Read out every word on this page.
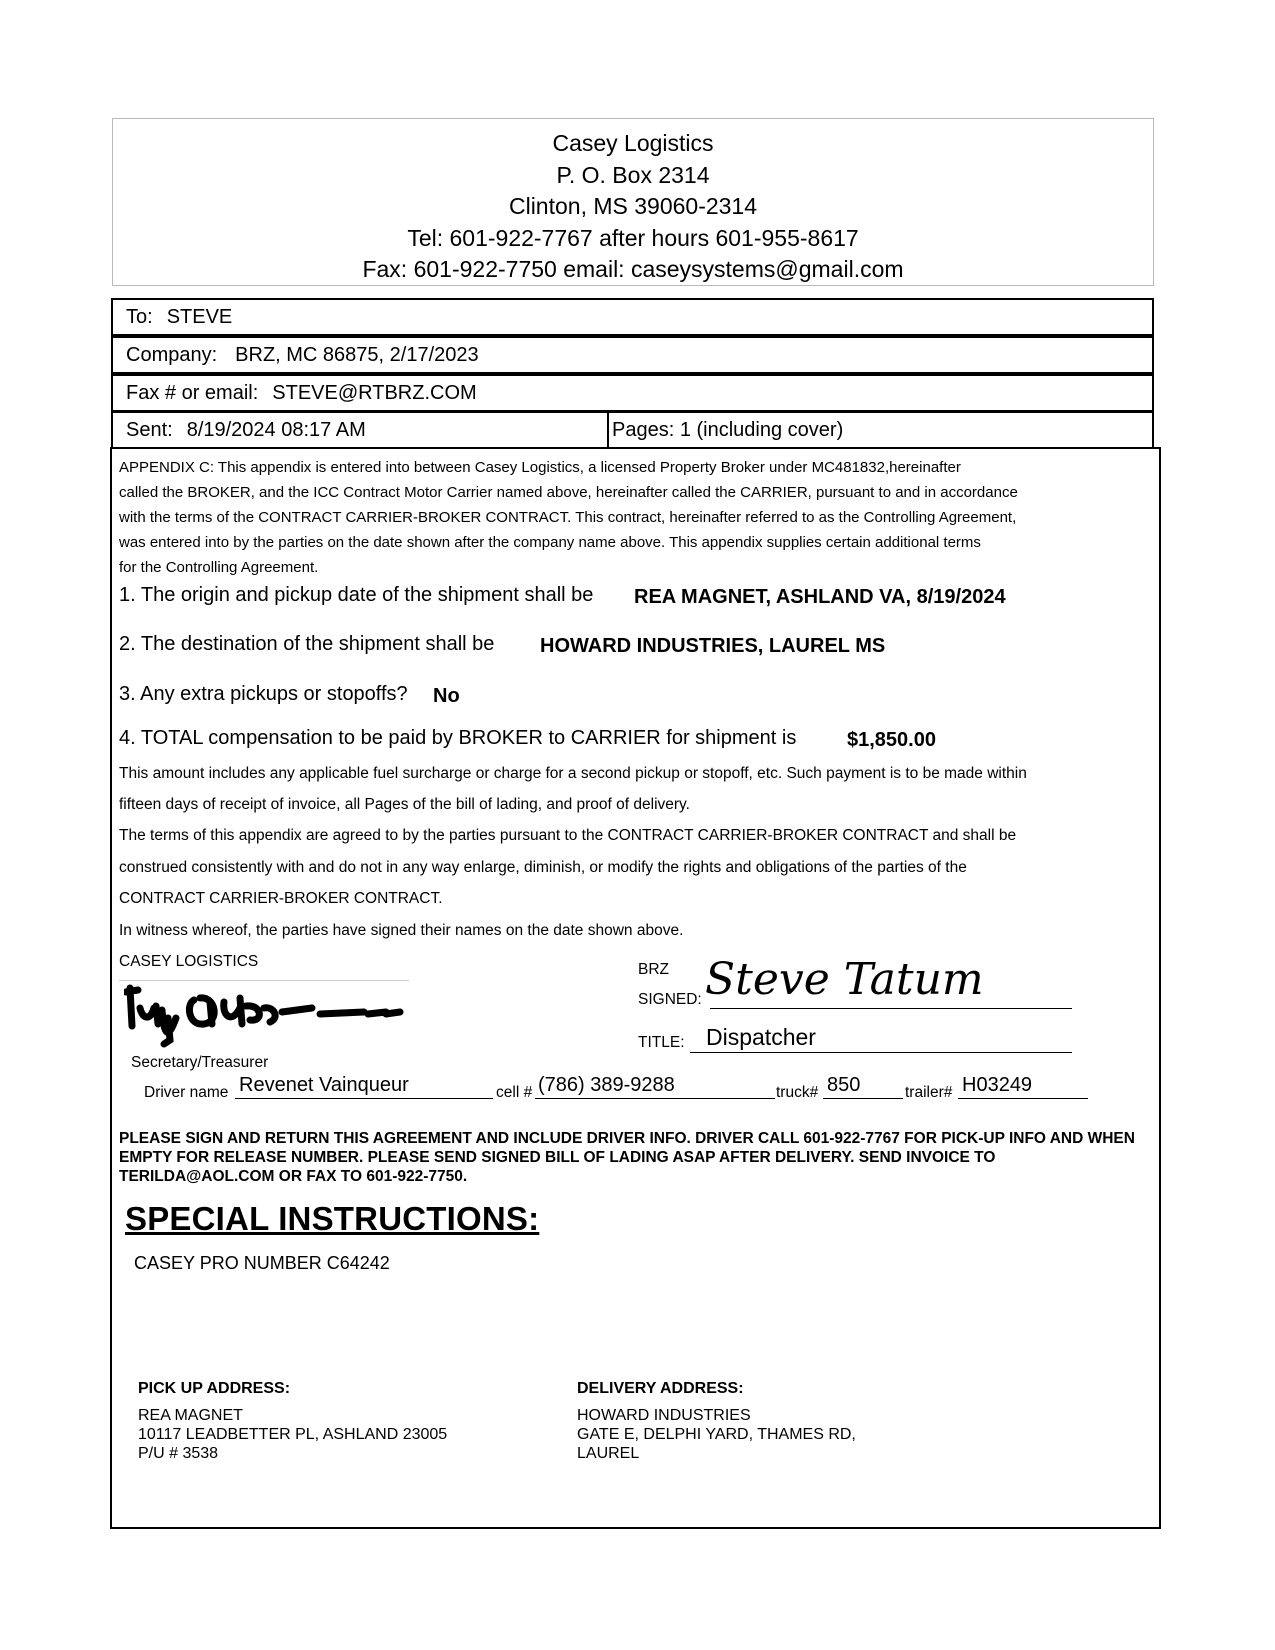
Casey Logistics
P. O. Box 2314
Clinton, MS 39060-2314
Tel: 601-922-7767 after hours 601-955-8617
Fax: 601-922-7750 email: caseysystems@gmail.com
To: STEVE
Company: BRZ, MC 86875, 2/17/2023
Fax # or email: STEVE@RTBRZ.COM
Sent: 8/19/2024 08:17 AM	Pages: 1 (including cover)
APPENDIX C: This appendix is entered into between Casey Logistics, a licensed Property Broker under MC481832,hereinafter
called the BROKER, and the ICC Contract Motor Carrier named above, hereinafter called the CARRIER, pursuant to and in accordance
with the terms of the CONTRACT CARRIER-BROKER CONTRACT. This contract, hereinafter referred to as the Controlling Agreement,
was entered into by the parties on the date shown after the company name above. This appendix supplies certain additional terms
for the Controlling Agreement.
1. The origin and pickup date of the shipment shall be REA MAGNET, ASHLAND VA, 8/19/2024
2. The destination of the shipment shall be HOWARD INDUSTRIES, LAUREL MS
3. Any extra pickups or stopoffs? No
4. TOTAL compensation to be paid by BROKER to CARRIER for shipment is	$1,850.00
This amount includes any applicable fuel surcharge or charge for a second pickup or stopoff, etc. Such payment is to be made within
fifteen days of receipt of invoice, all Pages of the bill of lading, and proof of delivery.
The terms of this appendix are agreed to by the parties pursuant to the CONTRACT CARRIER-BROKER CONTRACT and shall be
construed consistently with and do not in any way enlarge, diminish, or modify the rights and obligations of the parties of the
CONTRACT CARRIER-BROKER CONTRACT.
In witness whereof, the parties have signed their names on the date shown above.
CASEY LOGISTICS
Secretary/Treasurer
BRZ
SIGNED: Steve Tatum
TITLE: Dispatcher
Driver name Revenet Vainqueur	cell # (786) 389-9288	truck# 850	trailer# H03249
PLEASE SIGN AND RETURN THIS AGREEMENT AND INCLUDE DRIVER INFO. DRIVER CALL 601-922-7767 FOR PICK-UP INFO AND WHEN EMPTY FOR RELEASE NUMBER. PLEASE SEND SIGNED BILL OF LADING ASAP AFTER DELIVERY. SEND INVOICE TO TERILDA@AOL.COM OR FAX TO 601-922-7750.
SPECIAL INSTRUCTIONS:
CASEY PRO NUMBER C64242
PICK UP ADDRESS:
REA MAGNET
10117 LEADBETTER PL, ASHLAND 23005
P/U # 3538
DELIVERY ADDRESS:
HOWARD INDUSTRIES
GATE E, DELPHI YARD, THAMES RD,
LAUREL
